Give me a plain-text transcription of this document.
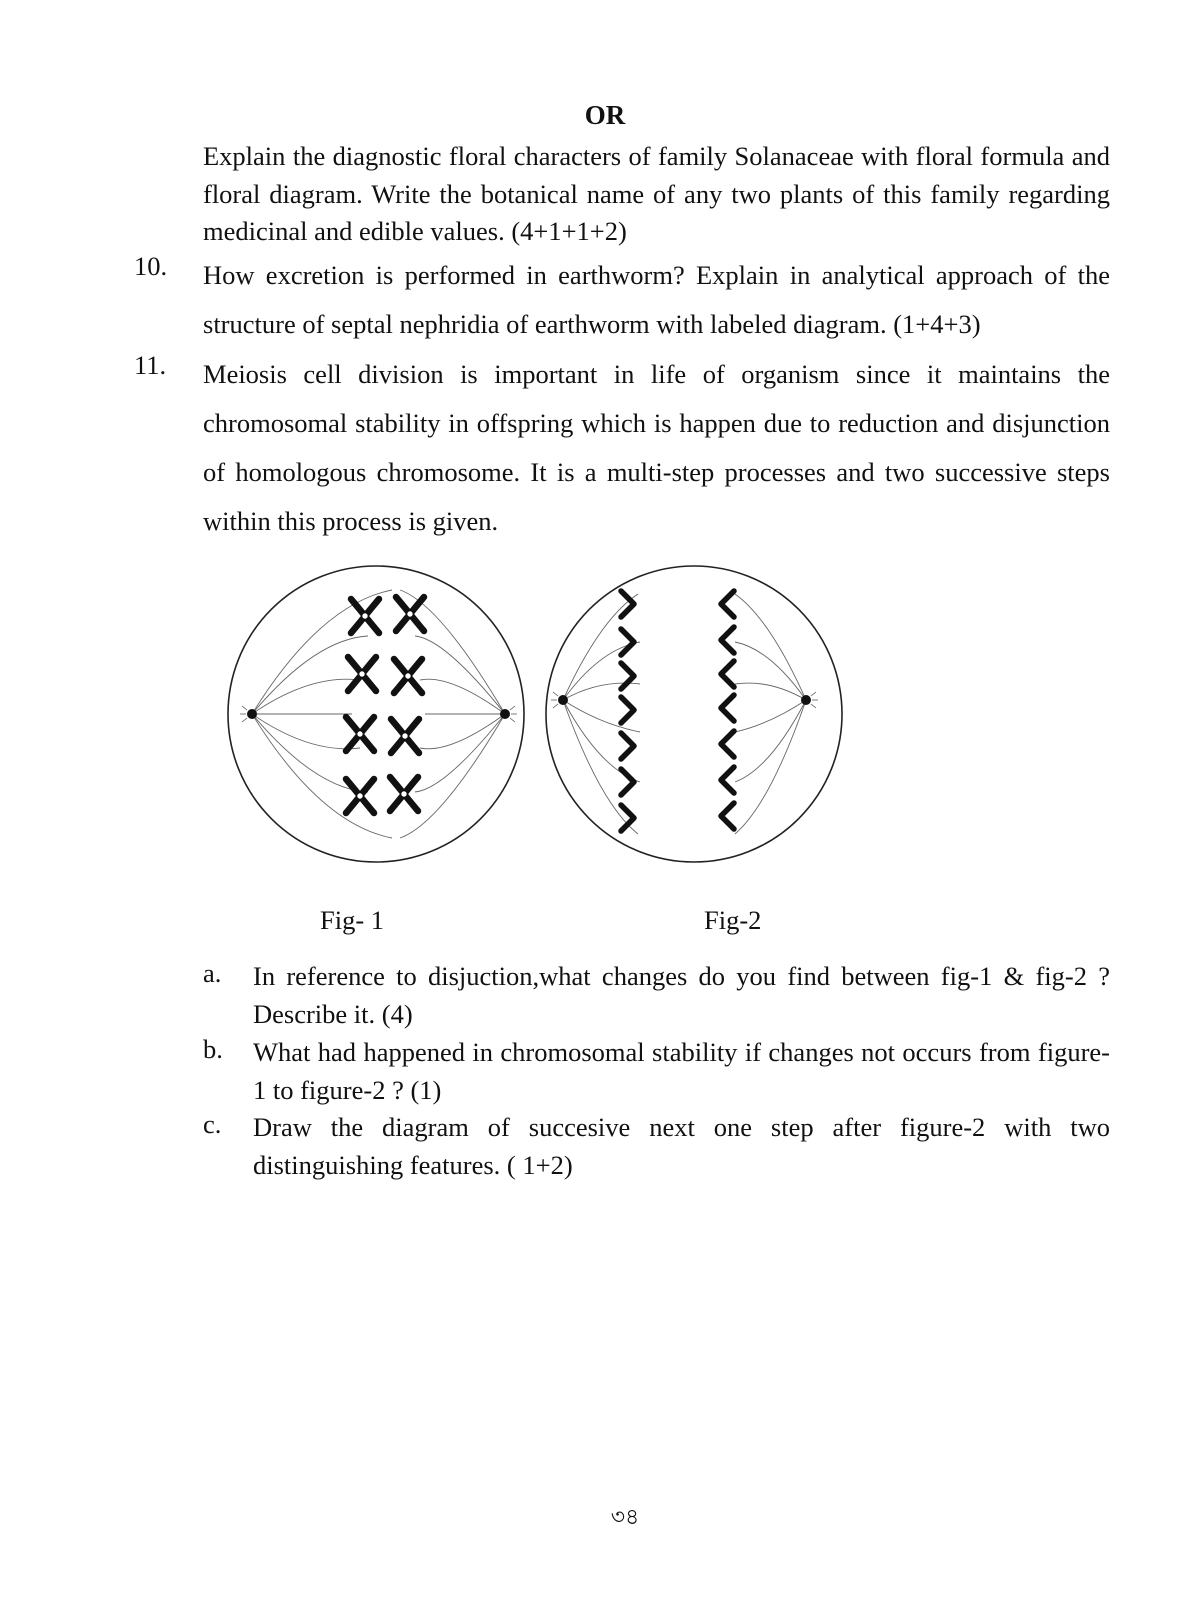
OR
Explain the diagnostic floral characters of family Solanaceae with floral formula and floral diagram. Write the botanical name of any two plants of this family regarding medicinal and edible values. (4+1+1+2)
10. How excretion is performed in earthworm? Explain in analytical approach of the structure of septal nephridia of earthworm with labeled diagram. (1+4+3)
11. Meiosis cell division is important in life of organism since it maintains the chromosomal stability in offspring which is happen due to reduction and disjunction of homologous chromosome. It is a multi-step processes and two successive steps within this process is given.
Fig- 1	Fig-2
a. In reference to disjuction,what changes do you find between fig-1 & fig-2 ? Describe it. (4)
b. What had happened in chromosomal stability if changes not occurs from figure-1 to figure-2 ? (1)
c. Draw the diagram of succesive next one step after figure-2 with two distinguishing features. ( 1+2)
৩৪
